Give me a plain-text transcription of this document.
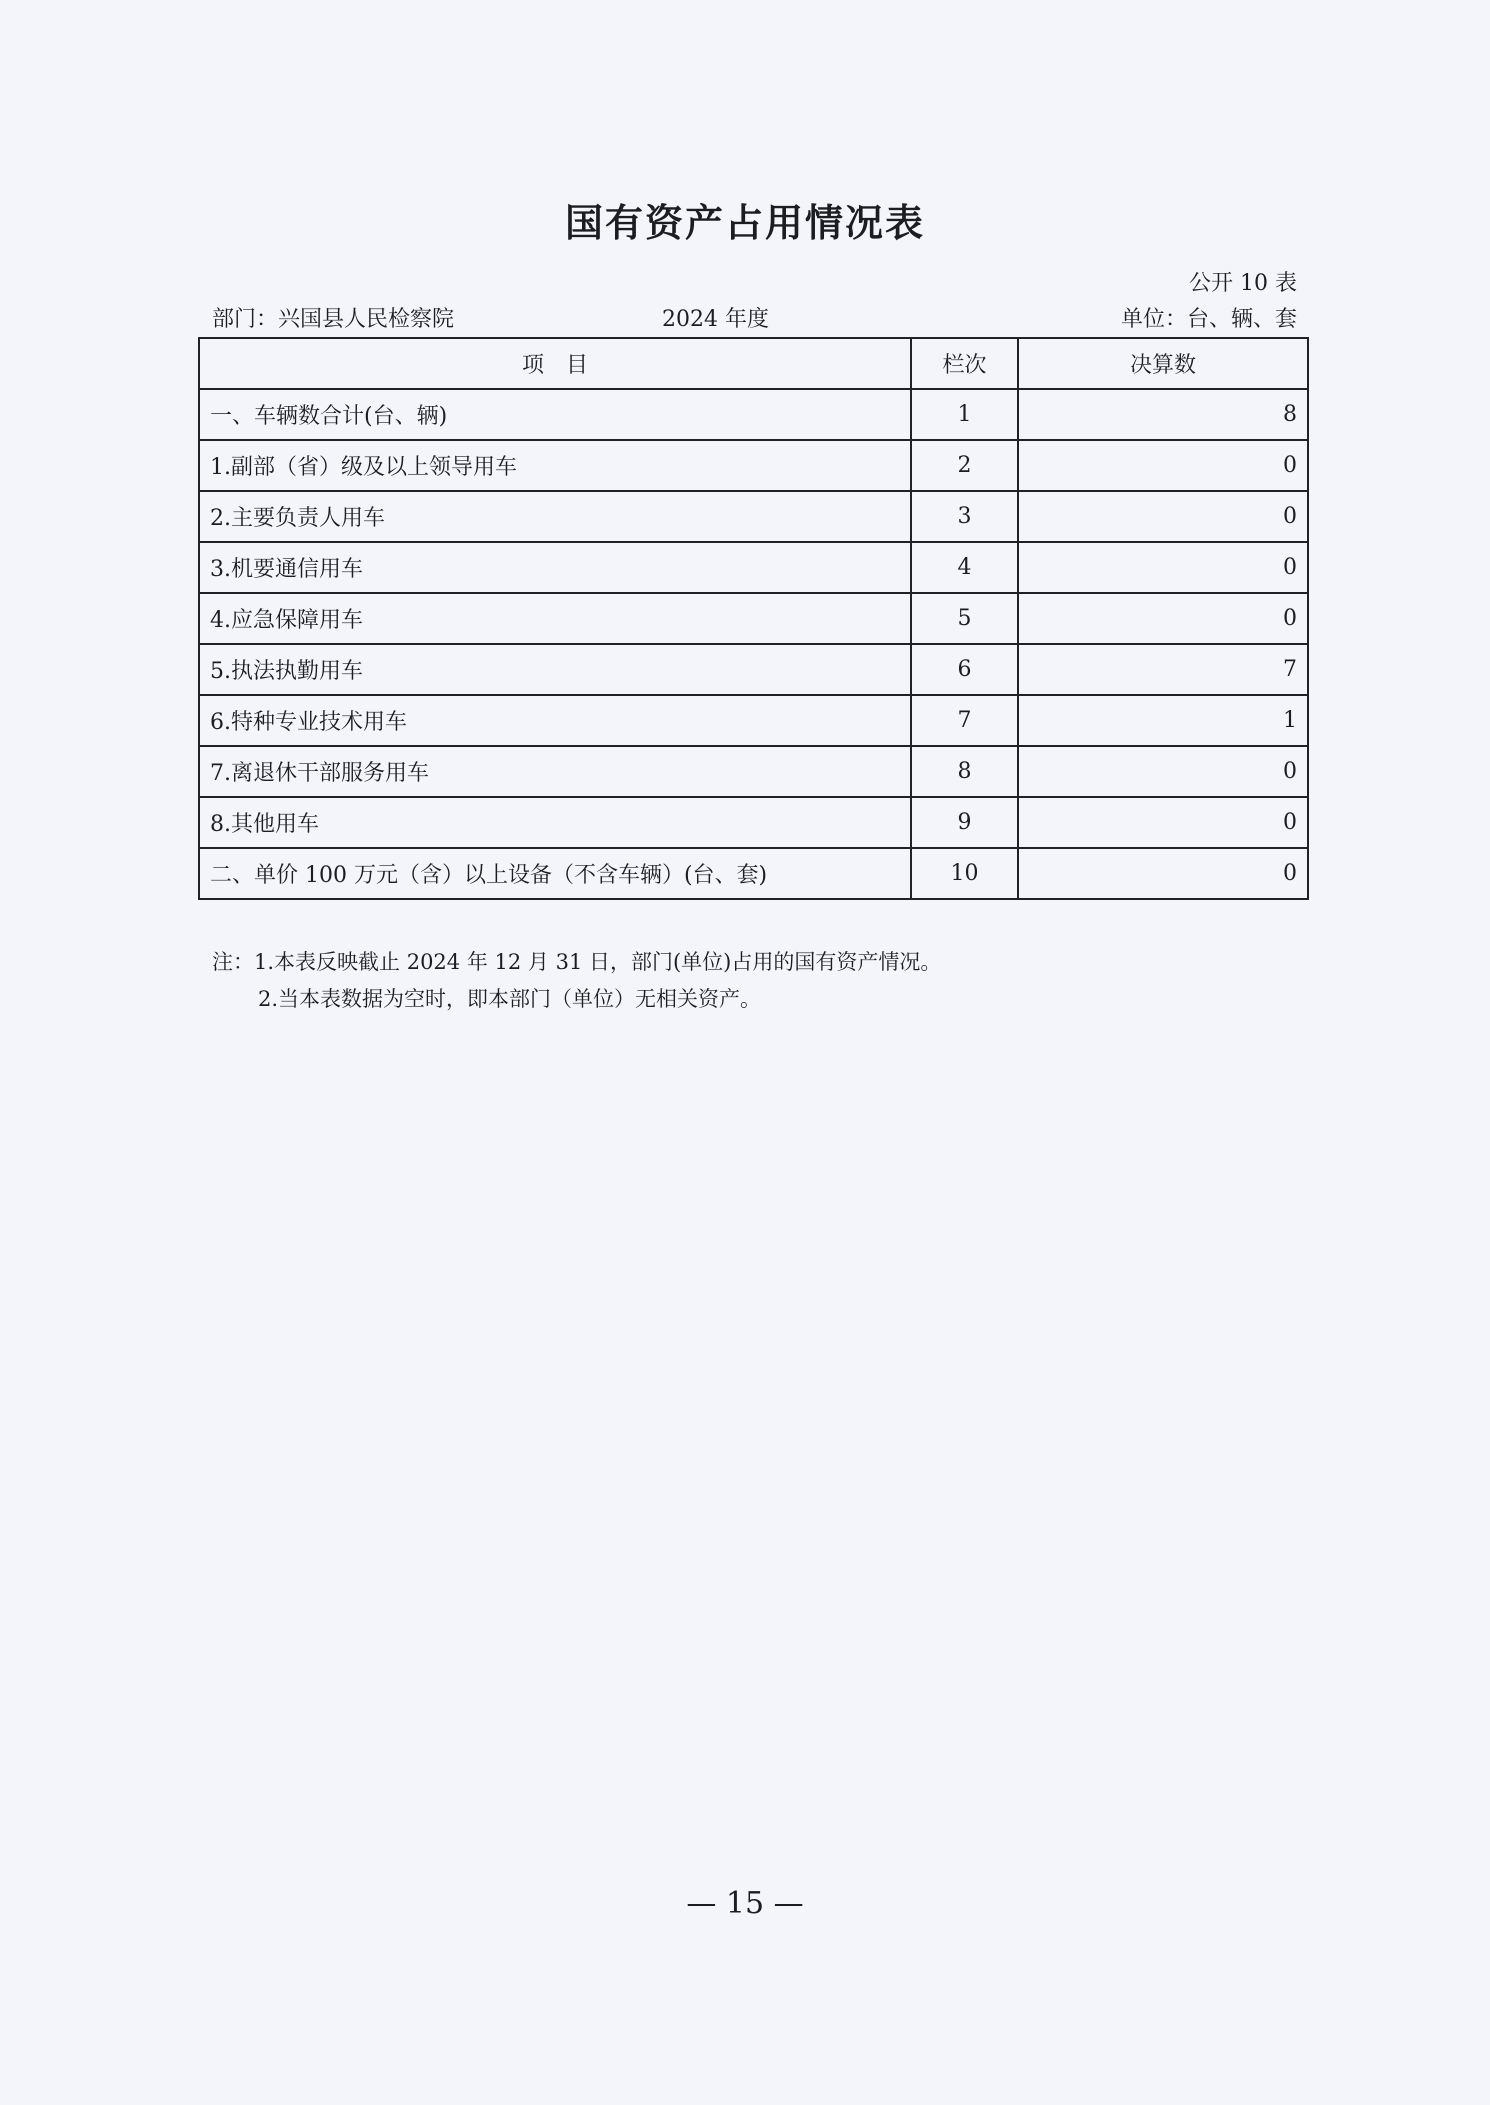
国有资产占用情况表
公开 10 表
部门：兴国县人民检察院	2024 年度	单位：台、辆、套
项　目	栏次	决算数
一、车辆数合计(台、辆)	1	8
1.副部（省）级及以上领导用车	2	0
2.主要负责人用车	3	0
3.机要通信用车	4	0
4.应急保障用车	5	0
5.执法执勤用车	6	7
6.特种专业技术用车	7	1
7.离退休干部服务用车	8	0
8.其他用车	9	0
二、单价 100 万元（含）以上设备（不含车辆）(台、套)	10	0
注：1.本表反映截止 2024 年 12 月 31 日，部门(单位)占用的国有资产情况。
2.当本表数据为空时，即本部门（单位）无相关资产。
— 15 —
